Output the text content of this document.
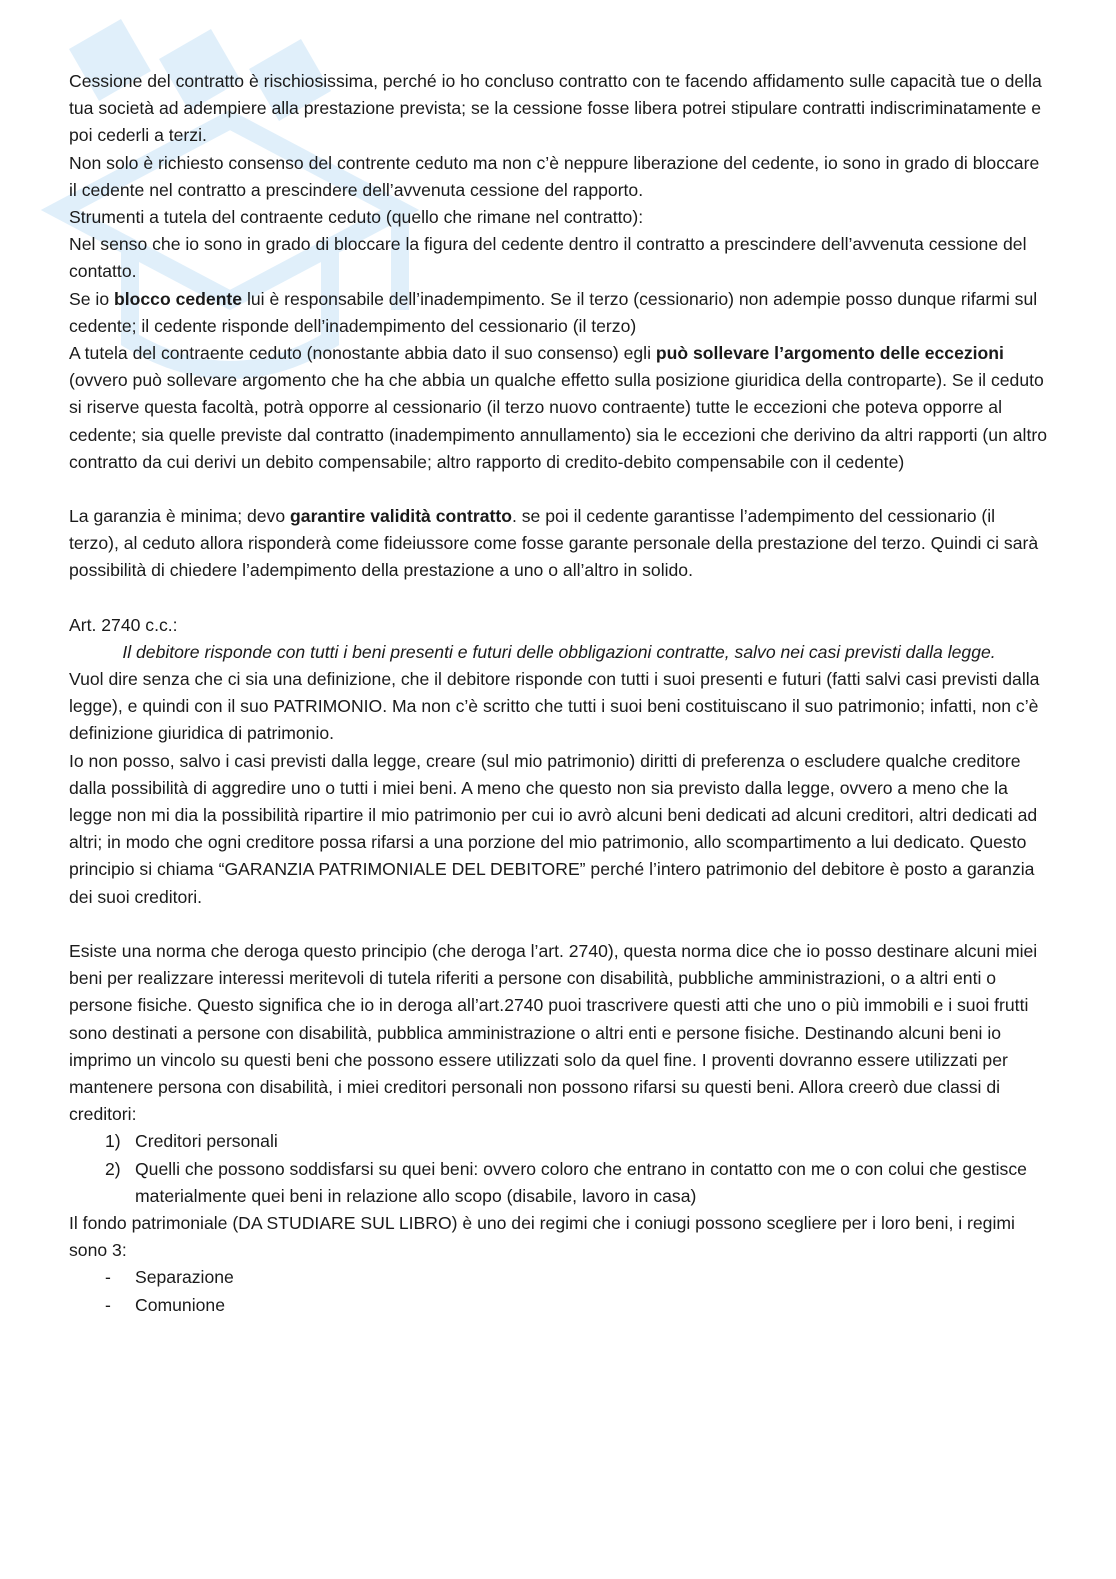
Cessione del contratto è rischiosissima, perché io ho concluso contratto con te facendo affidamento sulle capacità tue o della tua società ad adempiere alla prestazione prevista; se la cessione fosse libera potrei stipulare contratti indiscriminatamente e poi cederli a terzi.

Non solo è richiesto consenso del contrente ceduto ma non c’è neppure liberazione del cedente, io sono in grado di bloccare il cedente nel contratto a prescindere dell’avvenuta cessione del rapporto.

Strumenti a tutela del contraente ceduto (quello che rimane nel contratto):

Nel senso che io sono in grado di bloccare la figura del cedente dentro il contratto a prescindere dell’avvenuta cessione del contatto.

Se io blocco cedente lui è responsabile dell’inadempimento. Se il terzo (cessionario) non adempie posso dunque rifarmi sul cedente; il cedente risponde dell’inadempimento del cessionario (il terzo)

A tutela del contraente ceduto (nonostante abbia dato il suo consenso) egli può sollevare l’argomento delle eccezioni (ovvero può sollevare argomento che ha che abbia un qualche effetto sulla posizione giuridica della controparte). Se il ceduto si riserve questa facoltà, potrà opporre al cessionario (il terzo nuovo contraente) tutte le eccezioni che poteva opporre al cedente; sia quelle previste dal contratto (inadempimento annullamento) sia le eccezioni che derivino da altri rapporti (un altro contratto da cui derivi un debito compensabile; altro rapporto di credito-debito compensabile con il cedente)

La garanzia è minima; devo garantire validità contratto. se poi il cedente garantisse l’adempimento del cessionario (il terzo), al ceduto allora risponderà come fideiussore come fosse garante personale della prestazione del terzo. Quindi ci sarà possibilità di chiedere l’adempimento della prestazione a uno o all’altro in solido.

Art. 2740 c.c.:

Il debitore risponde con tutti i beni presenti e futuri delle obbligazioni contratte, salvo nei casi previsti dalla legge.

Vuol dire senza che ci sia una definizione, che il debitore risponde con tutti i suoi presenti e futuri (fatti salvi casi previsti dalla legge), e quindi con il suo PATRIMONIO. Ma non c’è scritto che tutti i suoi beni costituiscano il suo patrimonio; infatti, non c’è definizione giuridica di patrimonio.

Io non posso, salvo i casi previsti dalla legge, creare (sul mio patrimonio) diritti di preferenza o escludere qualche creditore dalla possibilità di aggredire uno o tutti i miei beni. A meno che questo non sia previsto dalla legge, ovvero a meno che la legge non mi dia la possibilità ripartire il mio patrimonio per cui io avrò alcuni beni dedicati ad alcuni creditori, altri dedicati ad altri; in modo che ogni creditore possa rifarsi a una porzione del mio patrimonio, allo scompartimento a lui dedicato. Questo principio si chiama “GARANZIA PATRIMONIALE DEL DEBITORE” perché l’intero patrimonio del debitore è posto a garanzia dei suoi creditori.

Esiste una norma che deroga questo principio (che deroga l’art. 2740), questa norma dice che io posso destinare alcuni miei beni per realizzare interessi meritevoli di tutela riferiti a persone con disabilità, pubbliche amministrazioni, o a altri enti o persone fisiche. Questo significa che io in deroga all’art.2740 puoi trascrivere questi atti che uno o più immobili e i suoi frutti sono destinati a persone con disabilità, pubblica amministrazione o altri enti e persone fisiche. Destinando alcuni beni io imprimo un vincolo su questi beni che possono essere utilizzati solo da quel fine. I proventi dovranno essere utilizzati per mantenere persona con disabilità, i miei creditori personali non possono rifarsi su questi beni. Allora creerò due classi di creditori:

1) Creditori personali
2) Quelli che possono soddisfarsi su quei beni: ovvero coloro che entrano in contatto con me o con colui che gestisce materialmente quei beni in relazione allo scopo (disabile, lavoro in casa)

Il fondo patrimoniale (DA STUDIARE SUL LIBRO) è uno dei regimi che i coniugi possono scegliere per i loro beni, i regimi sono 3:

- Separazione
- Comunione
